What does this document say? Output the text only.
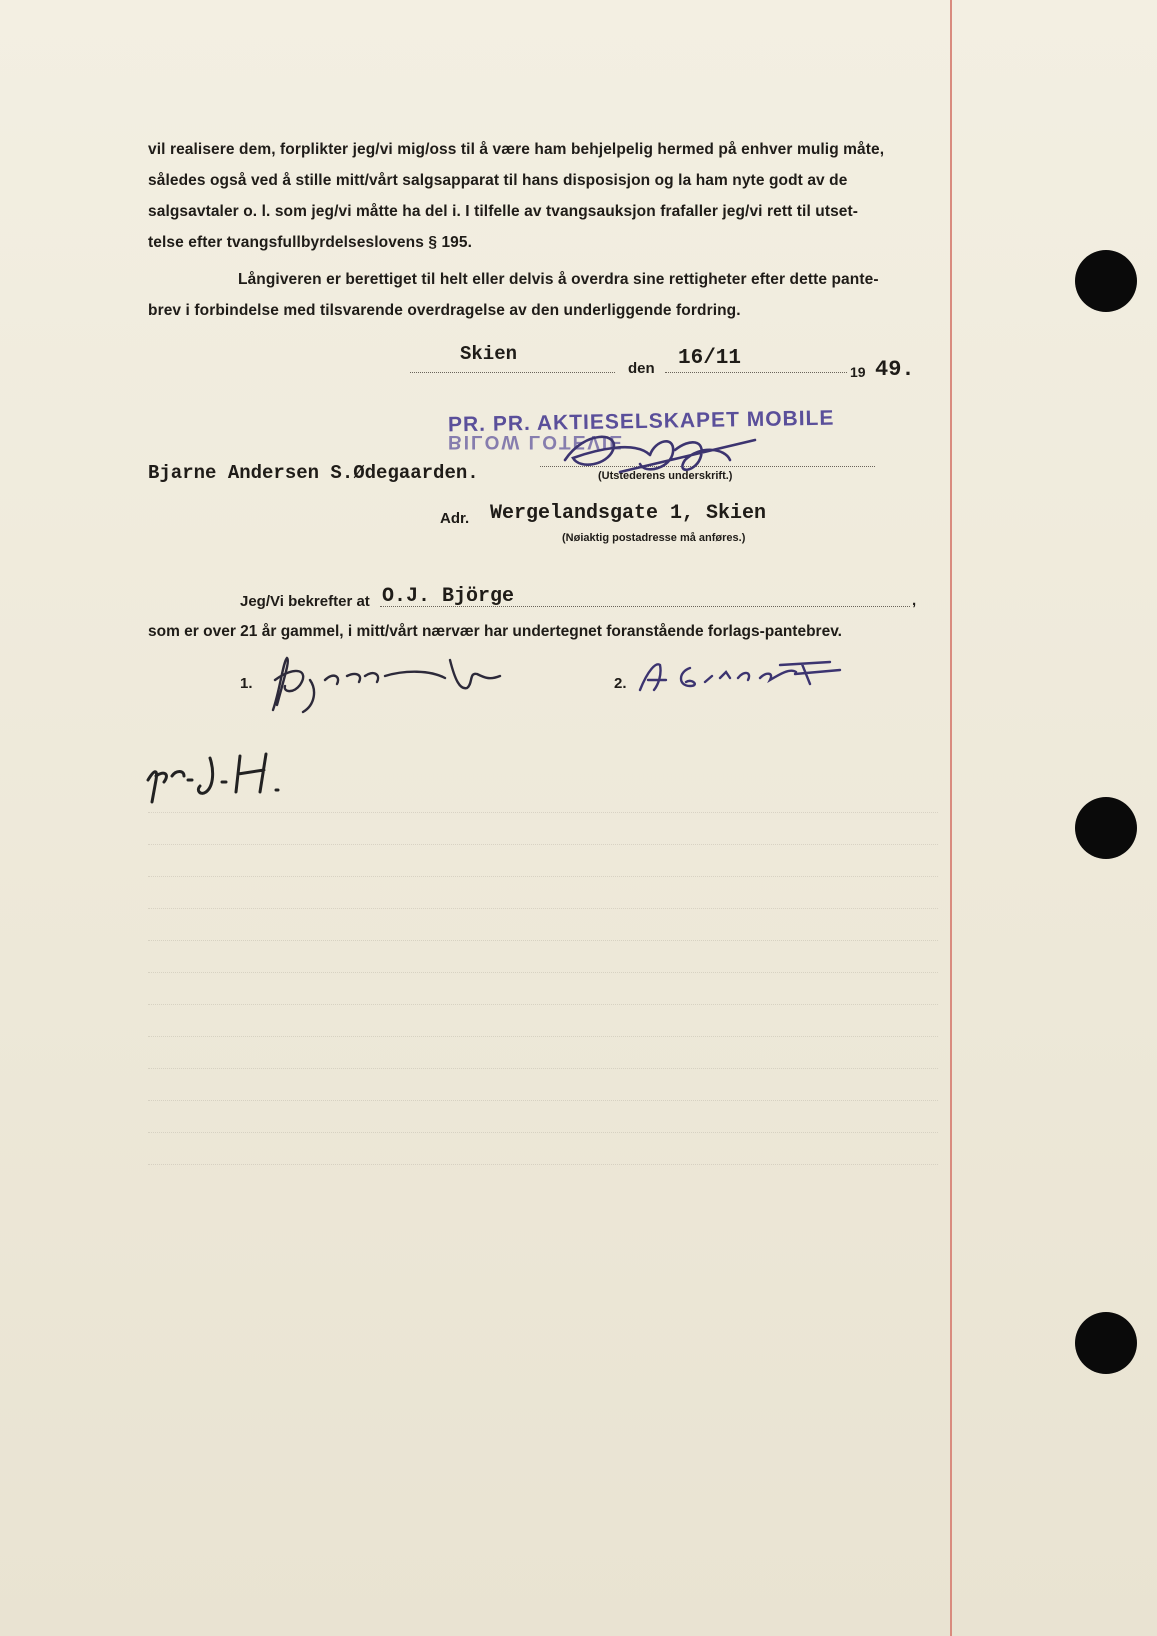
vil realisere dem, forplikter jeg/vi mig/oss til å være ham behjelpelig hermed på enhver mulig måte,

således også ved å stille mitt/vårt salgsapparat til hans disposisjon og la ham nyte godt av de

salgsavtaler o. l. som jeg/vi måtte ha del i. I tilfelle av tvangsauksjon frafaller jeg/vi rett til utset-

telse efter tvangsfullbyrdelseslovens § 195.

Långiveren er berettiget til helt eller delvis å overdra sine rettigheter efter dette pante-

brev i forbindelse med tilsvarende overdragelse av den underliggende fordring.

Skien
den 16/11
19 49.
PR. PR. AKTIESELSKAPET MOBILE
BILOW LOTEVIE
Bjarne Andersen S.Ødegaarden.	(Utstederens underskrift.)
Adr. Wergelandsgate 1, Skien
(Nøiaktig postadresse må anføres.)
Jeg/Vi bekrefter at O.J. Björge	,
som er over 21 år gammel, i mitt/vårt nærvær har undertegnet foranstående forlags-pantebrev.
1.	2.
